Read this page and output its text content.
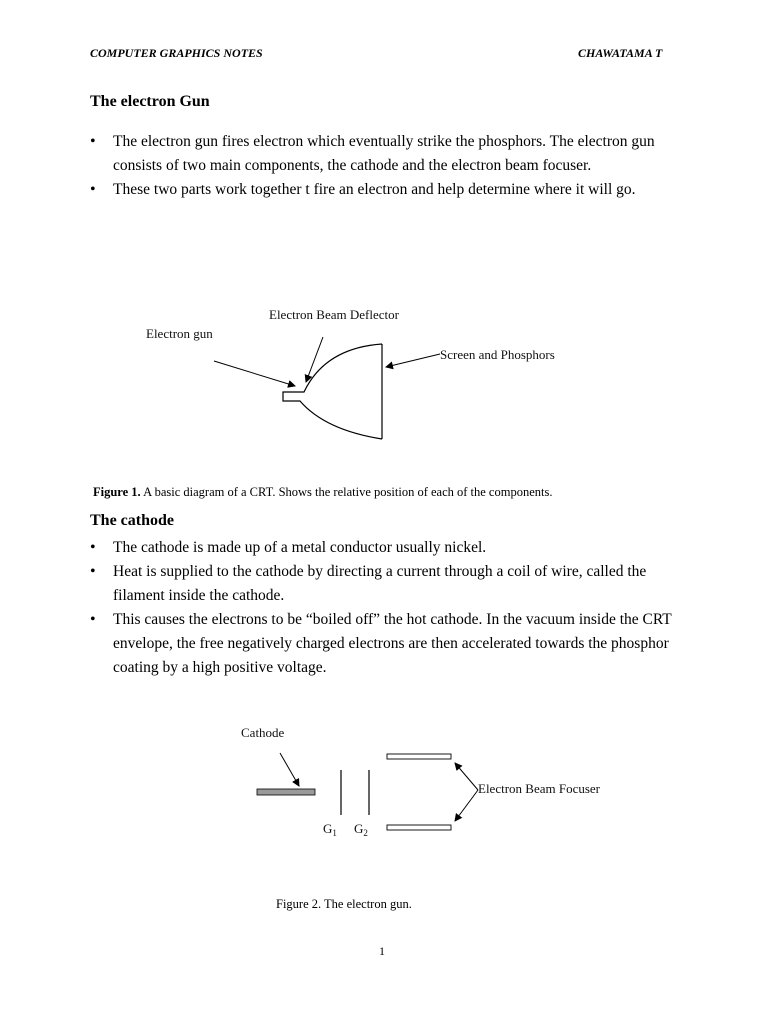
COMPUTER GRAPHICS NOTES	CHAWATAMA T
The electron Gun
• The electron gun fires electron which eventually strike the phosphors. The electron gun consists of two main components, the cathode and the electron beam focuser.
• These two parts work together t fire an electron and help determine where it will go.
Electron Beam Deflector
Electron gun
Screen and Phosphors
Figure 1. A basic diagram of a CRT. Shows the relative position of each of the components.
The cathode
• The cathode is made up of a metal conductor usually nickel.
• Heat is supplied to the cathode by directing a current through a coil of wire, called the filament inside the cathode.
• This causes the electrons to be “boiled off” the hot cathode. In the vacuum inside the CRT envelope, the free negatively charged electrons are then accelerated towards the phosphor coating by a high positive voltage.
Cathode
$G_1$ $G_2$
Electron Beam Focuser
Figure 2. The electron gun.
1
